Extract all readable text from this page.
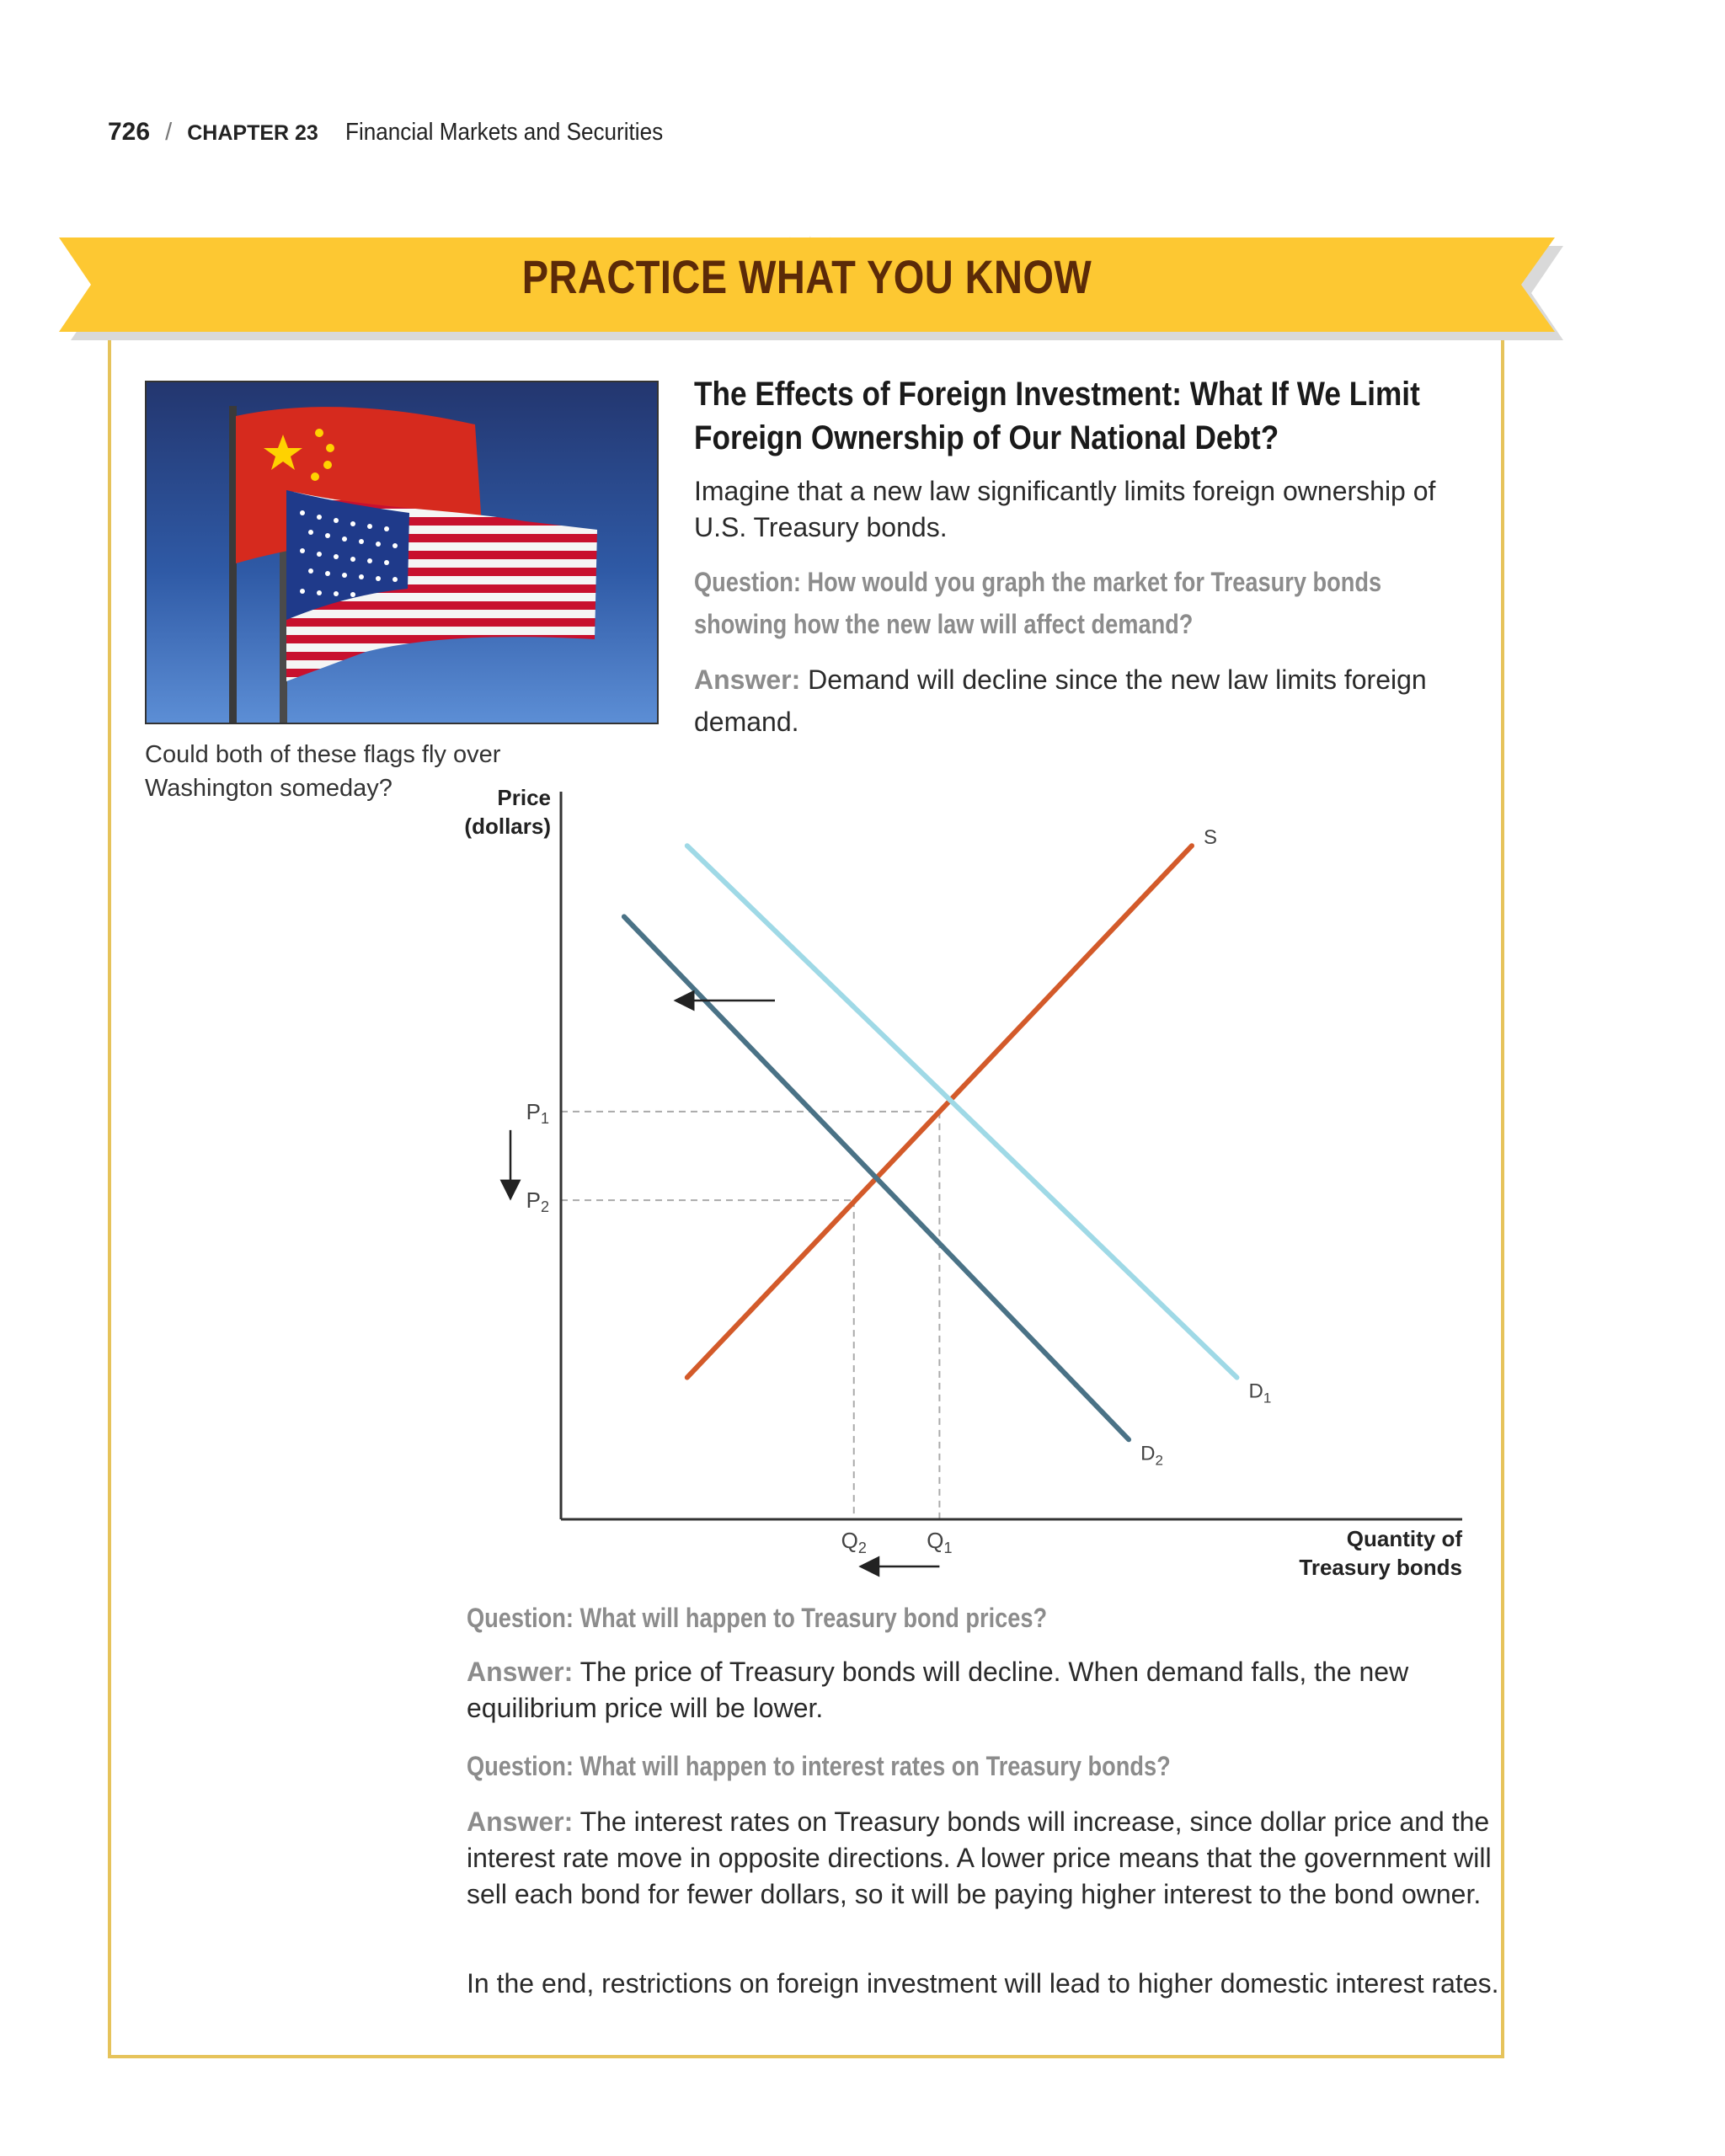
726 / CHAPTER 23 Financial Markets and Securities
PRACTICE WHAT YOU KNOW
Could both of these flags fly over Washington someday?
The Effects of Foreign Investment: What If We Limit Foreign Ownership of Our National Debt?
Imagine that a new law significantly limits foreign ownership of U.S. Treasury bonds.
Question: How would you graph the market for Treasury bonds showing how the new law will affect demand?
Answer: Demand will decline since the new law limits foreign demand.
Price
(dollars)
Quantity of
Treasury bonds
P1
$Q_1$
P2
$Q_2$
S
$D_1$
$D_2$
Question: What will happen to Treasury bond prices?
Answer: The price of Treasury bonds will decline. When demand falls, the new equilibrium price will be lower.
Question: What will happen to interest rates on Treasury bonds?
Answer: The interest rates on Treasury bonds will increase, since dollar price and the interest rate move in opposite directions. A lower price means that the government will sell each bond for fewer dollars, so it will be paying higher interest to the bond owner.
In the end, restrictions on foreign investment will lead to higher domestic interest rates.
